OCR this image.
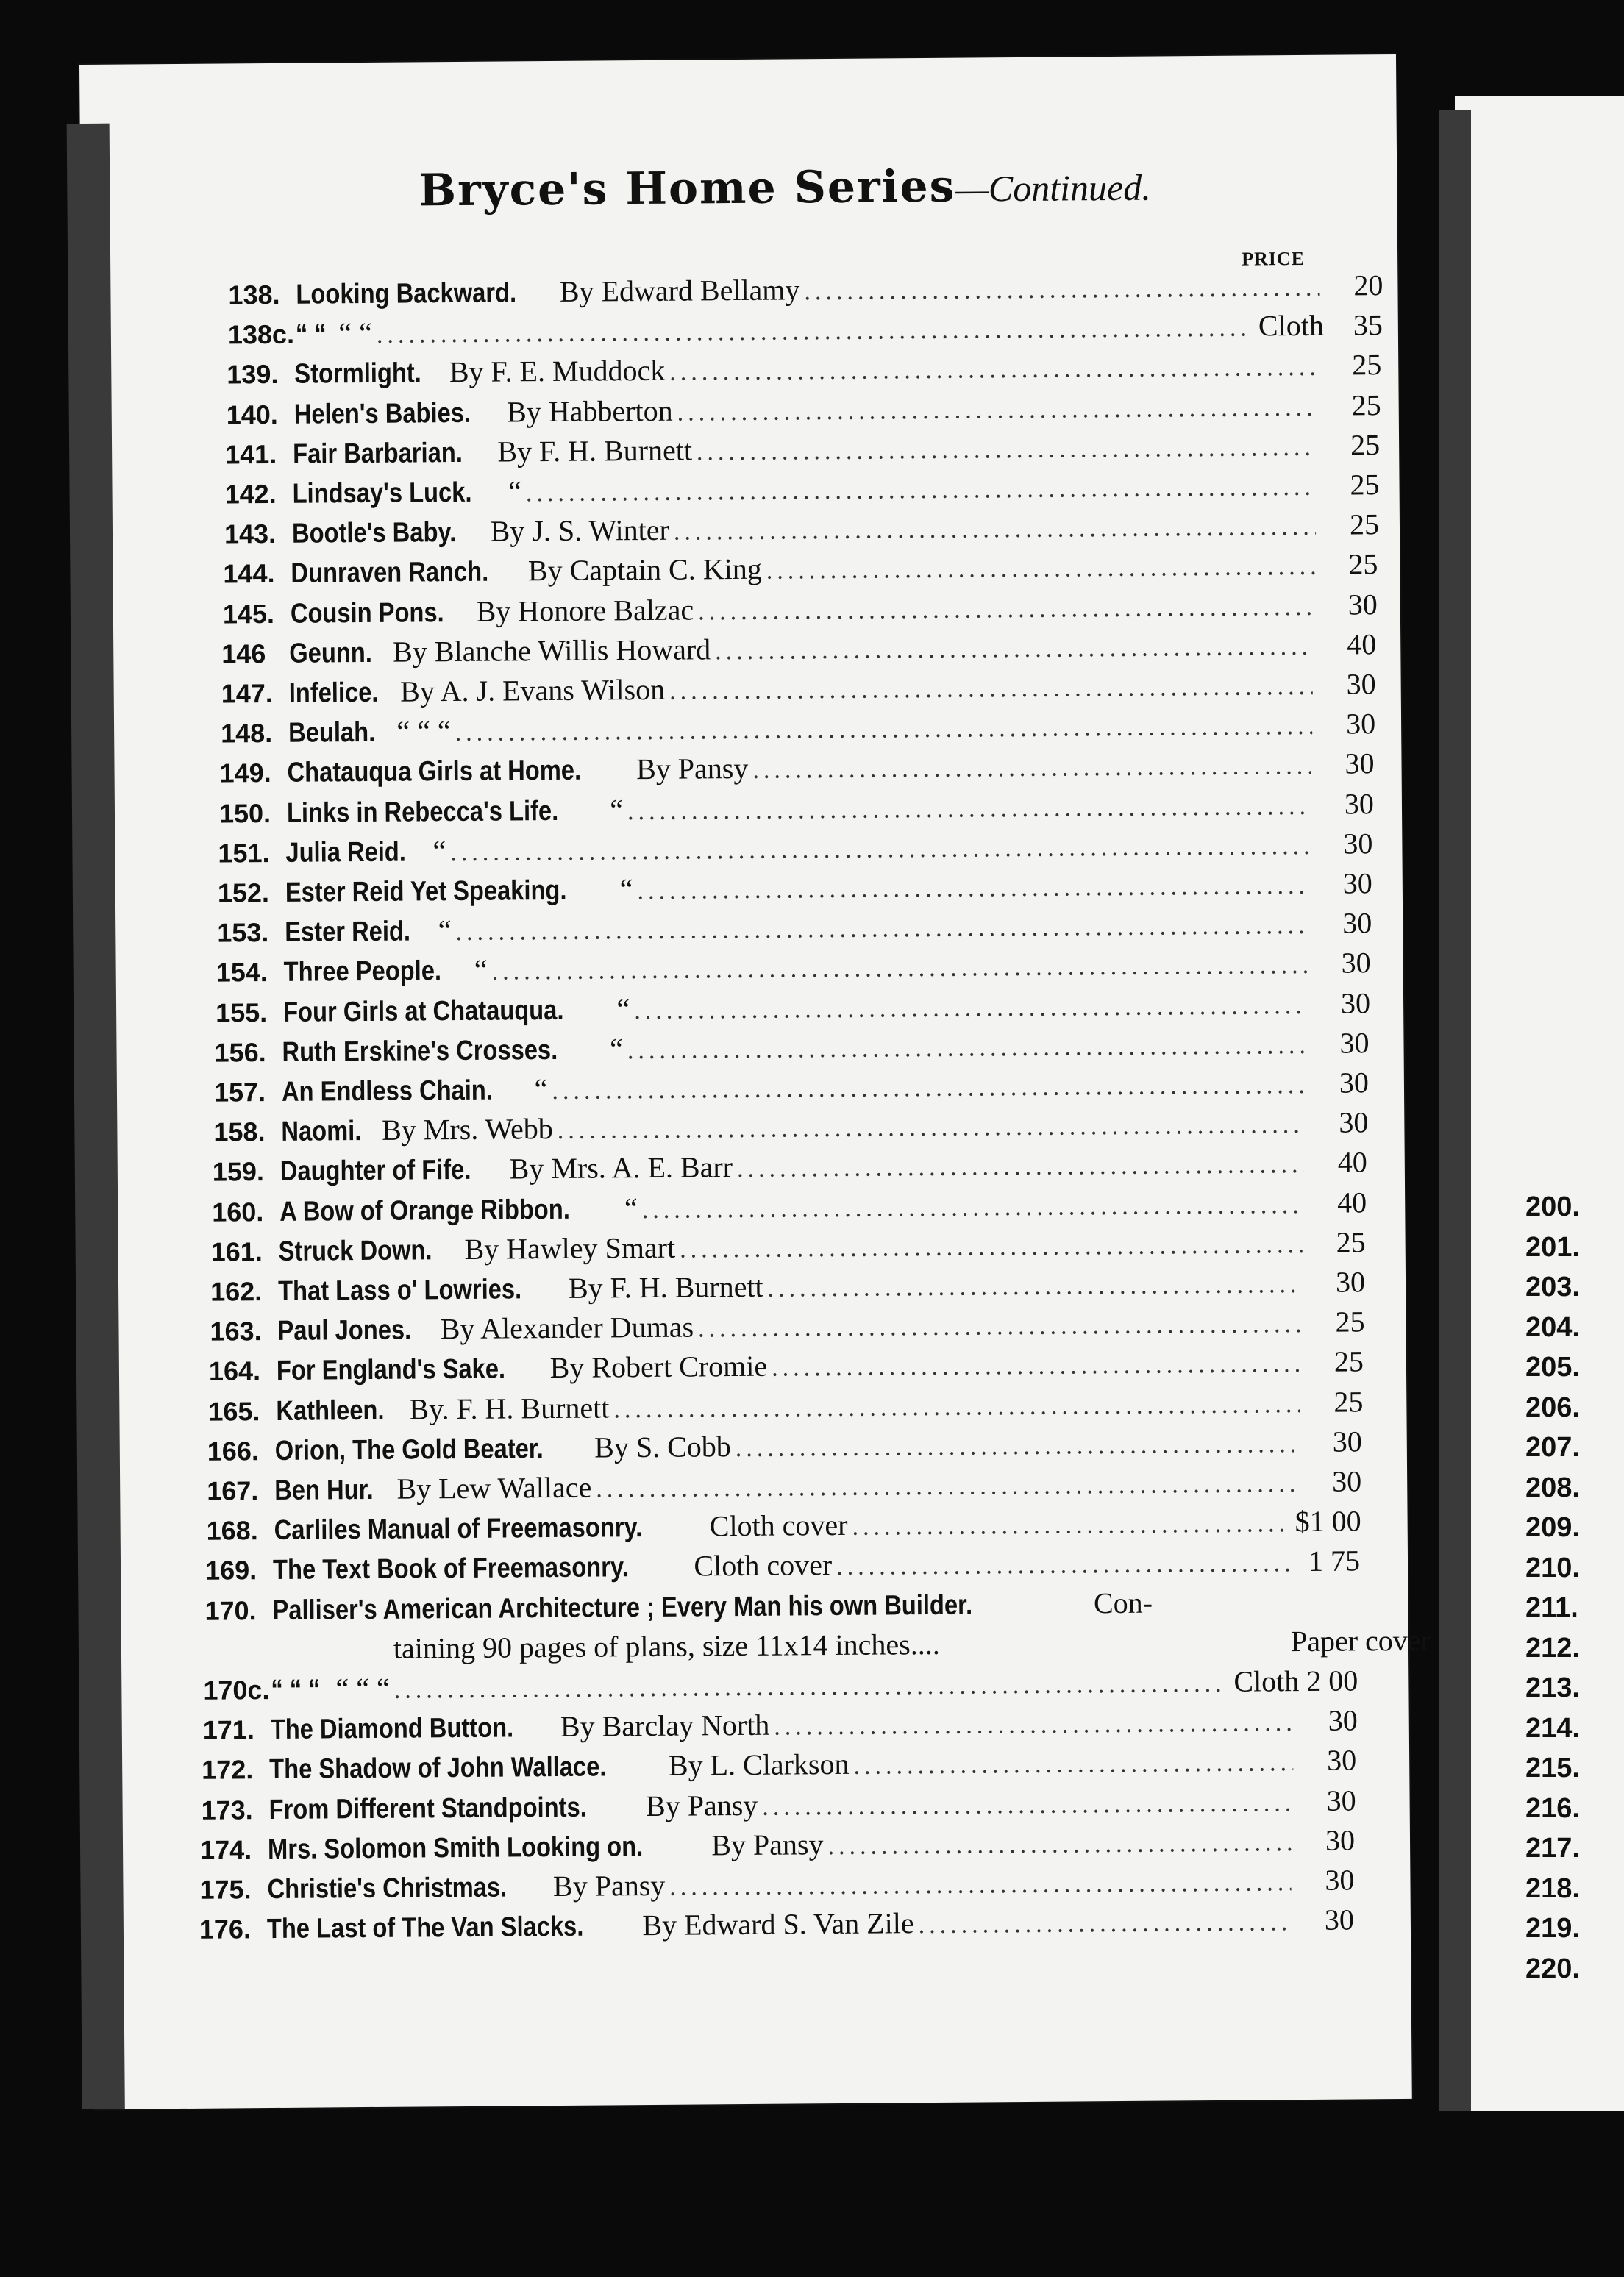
Bryce's Home Series—Continued.
PRICE
138. Looking Backward. By Edward Bellamy .....	20
138c. “ “ “ “ .....	Cloth 35
139. Stormlight. By F. E. Muddock .....	25
140. Helen's Babies. By Habberton .....	25
141. Fair Barbarian. By F. H. Burnett .....	25
142. Lindsay's Luck. “ .....	25
143. Bootle's Baby. By J. S. Winter .....	25
144. Dunraven Ranch. By Captain C. King .....	25
145. Cousin Pons. By Honore Balzac .....	30
146 Geunn. By Blanche Willis Howard .....	40
147. Infelice. By A. J. Evans Wilson .....	30
148. Beulah. “ “ “ .....	30
149. Chatauqua Girls at Home. By Pansy .....	30
150. Links in Rebecca's Life. “ .....	30
151. Julia Reid. “ .....	30
152. Ester Reid Yet Speaking. “ .....	30
153. Ester Reid. “ .....	30
154. Three People. “ .....	30
155. Four Girls at Chatauqua. “ .....	30
156. Ruth Erskine's Crosses. “ .....	30
157. An Endless Chain. “ .....	30
158. Naomi. By Mrs. Webb .....	30
159. Daughter of Fife. By Mrs. A. E. Barr .....	40
160. A Bow of Orange Ribbon. “ .....	40
161. Struck Down. By Hawley Smart .....	25
162. That Lass o' Lowries. By F. H. Burnett .....	30
163. Paul Jones. By Alexander Dumas .....	25
164. For England's Sake. By Robert Cromie .....	25
165. Kathleen. By. F. H. Burnett .....	25
166. Orion, The Gold Beater. By S. Cobb .....	30
167. Ben Hur. By Lew Wallace .....	30
168. Carliles Manual of Freemasonry. Cloth cover .....	$1 00
169. The Text Book of Freemasonry. Cloth cover .....	1 75
170. Palliser's American Architecture ; Every Man his own Builder.	Con-
taining 90 pages of plans, size 11x14 inches....	Paper cover
170c. “ “ “ “ “ “ .....	Cloth 2 00
171. The Diamond Button. By Barclay North .....	30
172. The Shadow of John Wallace. By L. Clarkson .....	30
173. From Different Standpoints. By Pansy .....	30
174. Mrs. Solomon Smith Looking on. By Pansy .....	30
175. Christie's Christmas. By Pansy .....	30
176. The Last of The Van Slacks. By Edward S. Van Zile .....	30
200.
201.
203.
204.
205.
206.
207.
208.
209.
210.
211.
212.
213.
214.
215.
216.
217.
218.
219.
220.
